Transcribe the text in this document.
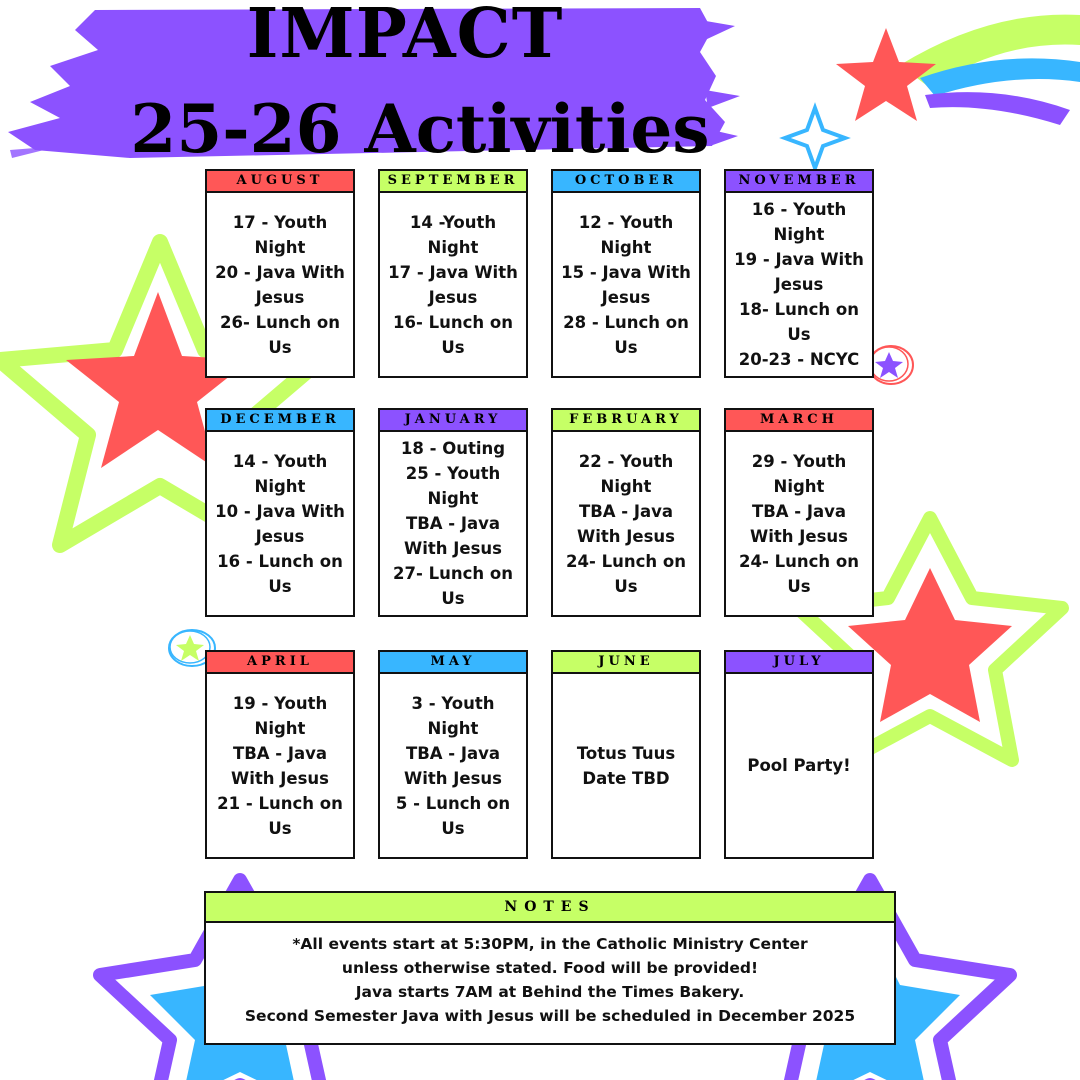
IMPACT
25-26 Activities
AUGUST
17 - Youth
Night
20 - Java With
Jesus
26- Lunch on
Us
SEPTEMBER
14 -Youth
Night
17 - Java With
Jesus
16- Lunch on
Us
OCTOBER
12 - Youth
Night
15 - Java With
Jesus
28 - Lunch on
Us
NOVEMBER
16 - Youth
Night
19 - Java With
Jesus
18- Lunch on
Us
20-23 - NCYC
DECEMBER
14 - Youth
Night
10 - Java With
Jesus
16 - Lunch on
Us
JANUARY
18 - Outing
25 - Youth
Night
TBA - Java
With Jesus
27- Lunch on
Us
FEBRUARY
22 - Youth
Night
TBA - Java
With Jesus
24- Lunch on
Us
MARCH
29 - Youth
Night
TBA - Java
With Jesus
24- Lunch on
Us
APRIL
19 - Youth
Night
TBA - Java
With Jesus
21 - Lunch on
Us
MAY
3 - Youth
Night
TBA - Java
With Jesus
5 - Lunch on
Us
JUNE
Totus Tuus
Date TBD
JULY
Pool Party!
NOTES
*All events start at 5:30PM, in the Catholic Ministry Center
unless otherwise stated. Food will be provided!
Java starts 7AM at Behind the Times Bakery.
Second Semester Java with Jesus will be scheduled in December 2025
